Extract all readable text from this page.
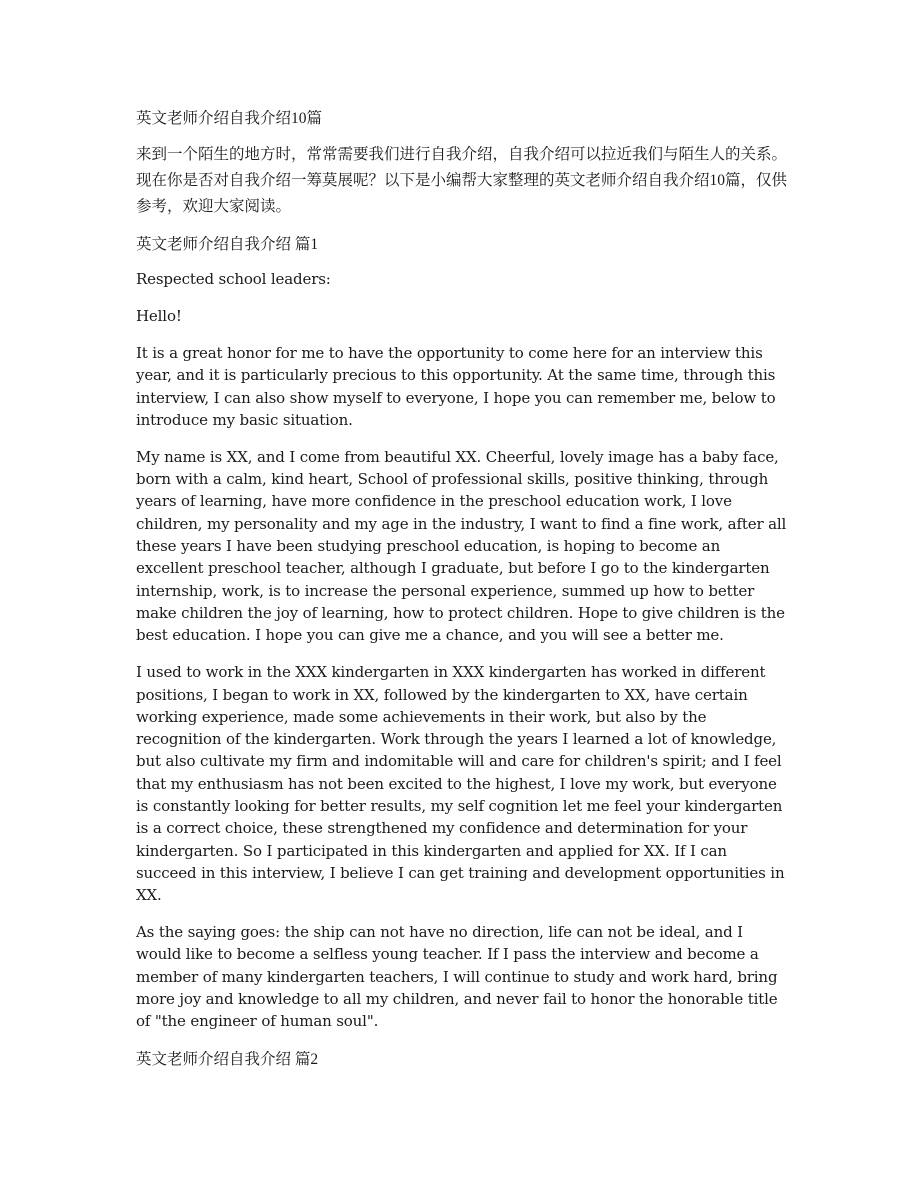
英文老师介绍自我介绍10篇

来到一个陌生的地方时，常常需要我们进行自我介绍，自我介绍可以拉近我们与陌生人的关系。现在你是否对自我介绍一筹莫展呢？以下是小编帮大家整理的英文老师介绍自我介绍10篇，仅供参考，欢迎大家阅读。

英文老师介绍自我介绍 篇1

Respected school leaders:

Hello!

It is a great honor for me to have the opportunity to come here for an interview this year, and it is particularly precious to this opportunity. At the same time, through this interview, I can also show myself to everyone, I hope you can remember me, below to introduce my basic situation.

My name is XX, and I come from beautiful XX. Cheerful, lovely image has a baby face, born with a calm, kind heart, School of professional skills, positive thinking, through years of learning, have more confidence in the preschool education work, I love children, my personality and my age in the industry, I want to find a fine work, after all these years I have been studying preschool education, is hoping to become an excellent preschool teacher, although I graduate, but before I go to the kindergarten internship, work, is to increase the personal experience, summed up how to better make children the joy of learning, how to protect children. Hope to give children is the best education. I hope you can give me a chance, and you will see a better me.

I used to work in the XXX kindergarten in XXX kindergarten has worked in different positions, I began to work in XX, followed by the kindergarten to XX, have certain working experience, made some achievements in their work, but also by the recognition of the kindergarten. Work through the years I learned a lot of knowledge, but also cultivate my firm and indomitable will and care for children's spirit; and I feel that my enthusiasm has not been excited to the highest, I love my work, but everyone is constantly looking for better results, my self cognition let me feel your kindergarten is a correct choice, these strengthened my confidence and determination for your kindergarten. So I participated in this kindergarten and applied for XX. If I can succeed in this interview, I believe I can get training and development opportunities in XX.

As the saying goes: the ship can not have no direction, life can not be ideal, and I would like to become a selfless young teacher. If I pass the interview and become a member of many kindergarten teachers, I will continue to study and work hard, bring more joy and knowledge to all my children, and never fail to honor the honorable title of "the engineer of human soul".

英文老师介绍自我介绍 篇2
